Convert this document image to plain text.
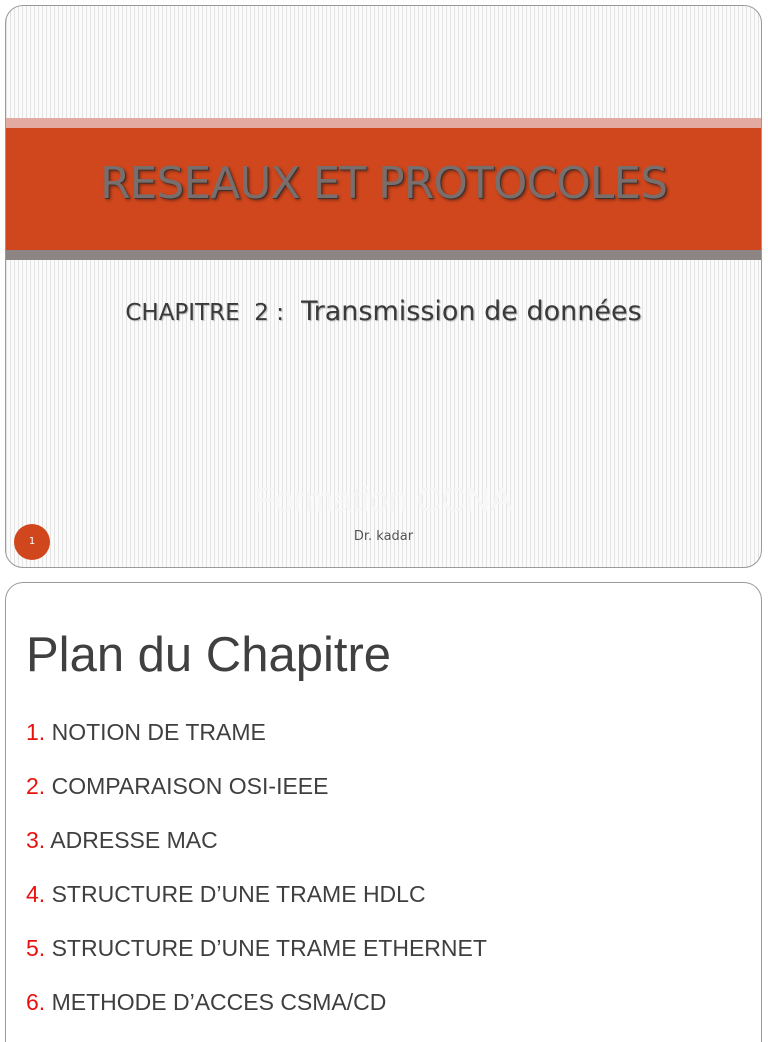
RESEAUX ET PROTOCOLES
CHAPITRE  2 : Transmission de données
Formation CCNA
Dr. kadar
1
Plan du Chapitre
1. NOTION DE TRAME
2. COMPARAISON OSI-IEEE
3. ADRESSE MAC
4. STRUCTURE D’UNE TRAME HDLC
5. STRUCTURE D’UNE TRAME ETHERNET
6. METHODE D’ACCES CSMA/CD
